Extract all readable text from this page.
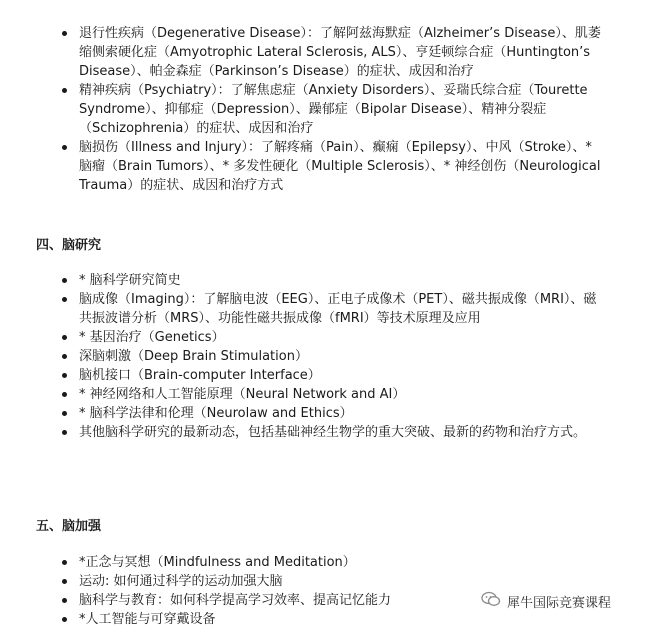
退行性疾病（Degenerative Disease）：了解阿兹海默症（Alzheimer’s Disease）、肌萎缩侧索硬化症（Amyotrophic Lateral Sclerosis, ALS）、亨廷顿综合症（Huntington’s Disease）、帕金森症（Parkinson’s Disease）的症状、成因和治疗
精神疾病（Psychiatry）：了解焦虑症（Anxiety Disorders）、妥瑞氏综合症（Tourette Syndrome）、抑郁症（Depression）、躁郁症（Bipolar Disease）、精神分裂症（Schizophrenia）的症状、成因和治疗
脑损伤（Illness and Injury）：了解疼痛（Pain）、癫痫（Epilepsy）、中风（Stroke）、* 脑瘤（Brain Tumors）、* 多发性硬化（Multiple Sclerosis）、* 神经创伤（Neurological Trauma）的症状、成因和治疗方式
四、脑研究
* 脑科学研究简史
脑成像（Imaging）：了解脑电波（EEG）、正电子成像术（PET）、磁共振成像（MRI）、磁共振波谱分析（MRS）、功能性磁共振成像（fMRI）等技术原理及应用
* 基因治疗（Genetics）
深脑刺激（Deep Brain Stimulation）
脑机接口（Brain-computer Interface）
* 神经网络和人工智能原理（Neural Network and AI）
* 脑科学法律和伦理（Neurolaw and Ethics）
其他脑科学研究的最新动态，包括基础神经生物学的重大突破、最新的药物和治疗方式。
五、脑加强
*正念与冥想（Mindfulness and Meditation）
运动: 如何通过科学的运动加强大脑
脑科学与教育：如何科学提高学习效率、提高记忆能力
*人工智能与可穿戴设备
犀牛国际竞赛课程
